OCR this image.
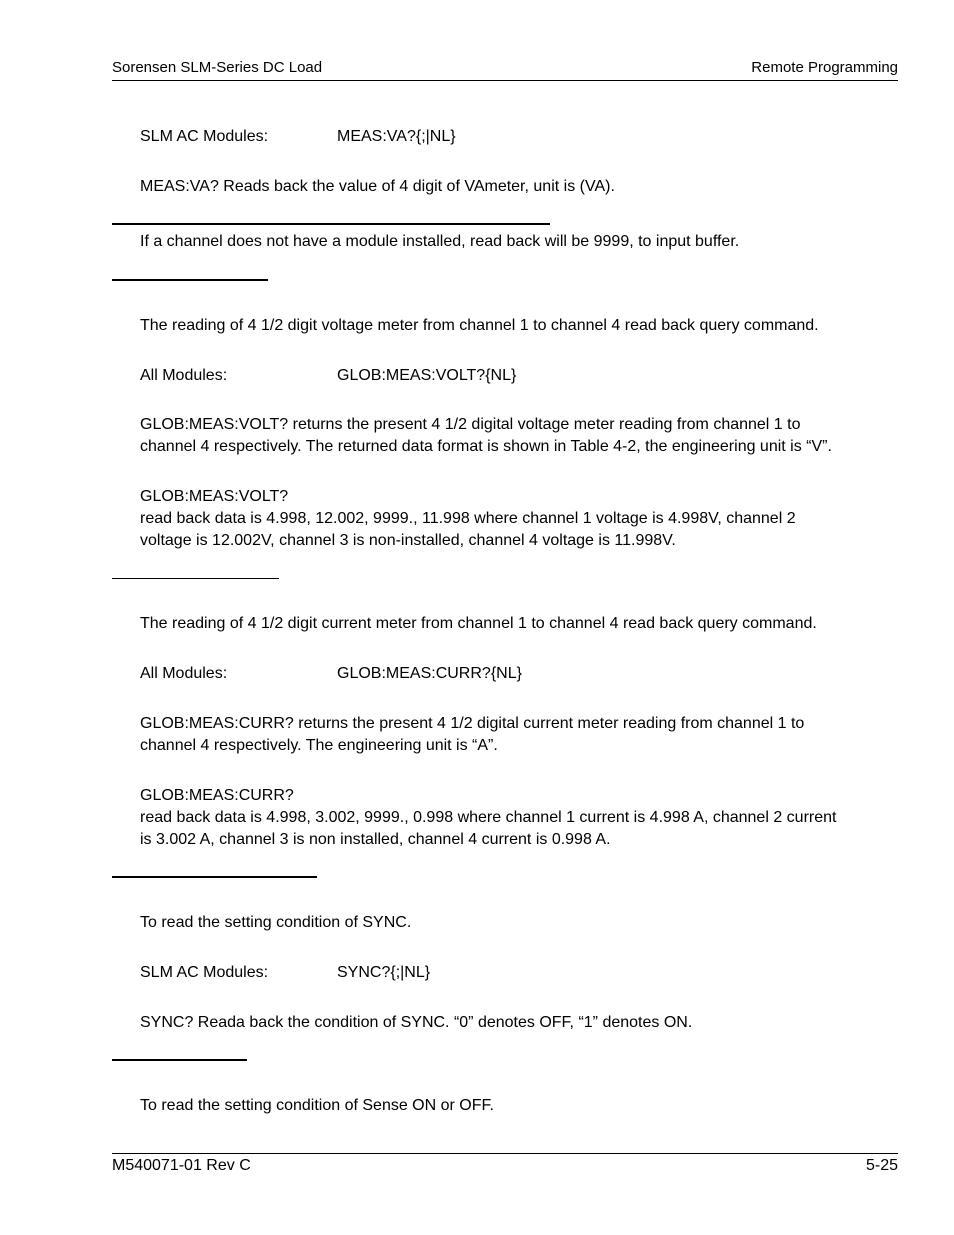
Sorensen SLM-Series DC Load	Remote Programming
SLM AC Modules:	MEAS:VA?{;|NL}
MEAS:VA? Reads back the value of 4 digit of VAmeter, unit is (VA).
If a channel does not have a module installed, read back will be 9999, to input buffer.
The reading of 4 1/2 digit voltage meter from channel 1 to channel 4 read back query command.
All Modules:	GLOB:MEAS:VOLT?{NL}
GLOB:MEAS:VOLT? returns the present 4 1/2 digital voltage meter reading from channel 1 to
channel 4 respectively. The returned data format is shown in Table 4-2, the engineering unit is “V”.
GLOB:MEAS:VOLT?
read back data is 4.998, 12.002, 9999., 11.998 where channel 1 voltage is 4.998V, channel 2
voltage is 12.002V, channel 3 is non-installed, channel 4 voltage is 11.998V.
The reading of 4 1/2 digit current meter from channel 1 to channel 4 read back query command.
All Modules:	GLOB:MEAS:CURR?{NL}
GLOB:MEAS:CURR? returns the present 4 1/2 digital current meter reading from channel 1 to
channel 4 respectively. The engineering unit is “A”.
GLOB:MEAS:CURR?
read back data is 4.998, 3.002, 9999., 0.998 where channel 1 current is 4.998 A, channel 2 current
is 3.002 A, channel 3 is non installed, channel 4 current is 0.998 A.
To read the setting condition of SYNC.
SLM AC Modules:	SYNC?{;|NL}
SYNC? Reada back the condition of SYNC. “0” denotes OFF, “1” denotes ON.
To read the setting condition of Sense ON or OFF.
M540071-01 Rev C	5-25
